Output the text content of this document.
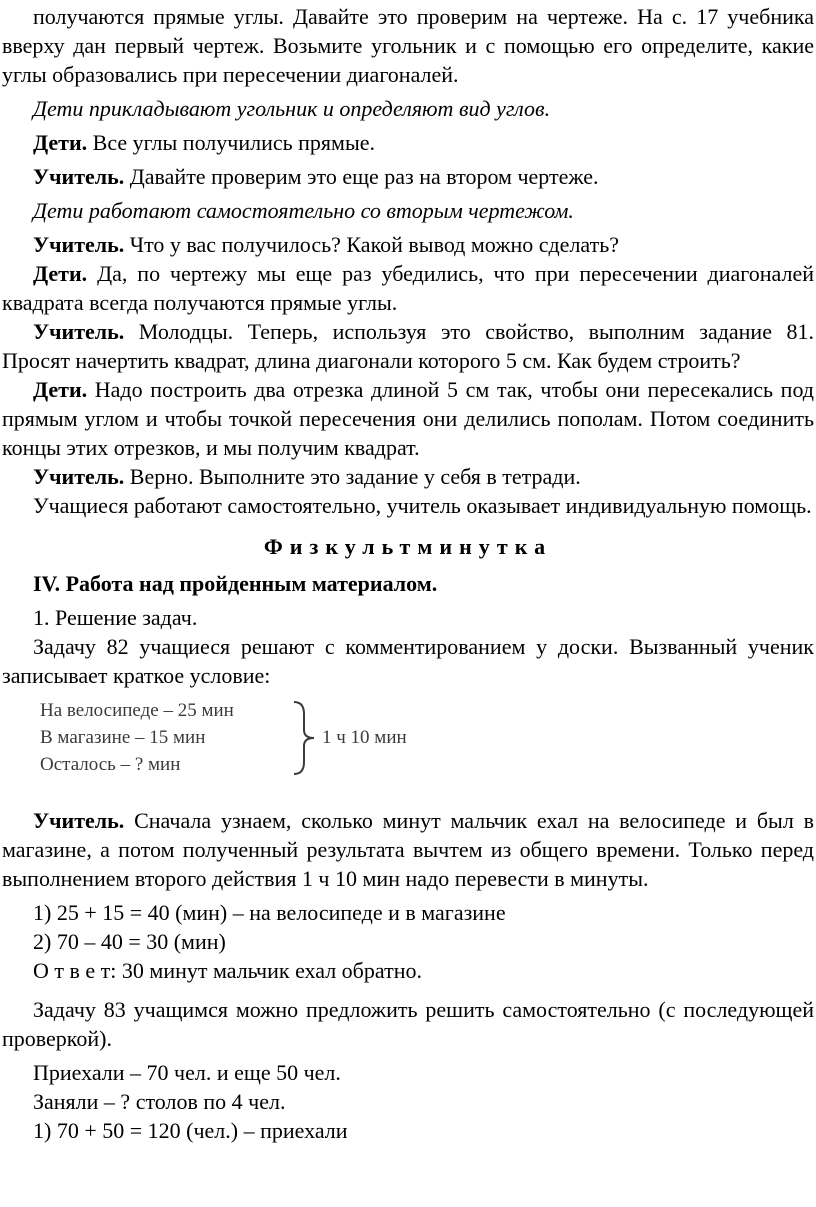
получаются прямые углы. Давайте это проверим на чертеже. На с. 17 учебника вверху дан первый чертеж. Возьмите угольник и с помощью его определите, какие углы образовались при пересечении диагоналей.

Дети прикладывают угольник и определяют вид углов.

Дети. Все углы получились прямые.

Учитель. Давайте проверим это еще раз на втором чертеже.

Дети работают самостоятельно со вторым чертежом.

Учитель. Что у вас получилось? Какой вывод можно сделать?

Дети. Да, по чертежу мы еще раз убедились, что при пересечении диагоналей квадрата всегда получаются прямые углы.

Учитель. Молодцы. Теперь, используя это свойство, выполним задание 81. Просят начертить квадрат, длина диагонали которого 5 см. Как будем строить?

Дети. Надо построить два отрезка длиной 5 см так, чтобы они пересекались под прямым углом и чтобы точкой пересечения они делились пополам. Потом соединить концы этих отрезков, и мы получим квадрат.

Учитель. Верно. Выполните это задание у себя в тетради.

Учащиеся работают самостоятельно, учитель оказывает индивидуальную помощь.

Физкультминутка

IV. Работа над пройденным материалом.

1. Решение задач.

Задачу 82 учащиеся решают с комментированием у доски. Вызванный ученик записывает краткое условие:

На велосипеде – 25 мин
В магазине – 15 мин
Осталось – ? мин
1 ч 10 мин

Учитель. Сначала узнаем, сколько минут мальчик ехал на велосипеде и был в магазине, а потом полученный результата вычтем из общего времени. Только перед выполнением второго действия 1 ч 10 мин надо перевести в минуты.

1) 25 + 15 = 40 (мин) – на велосипеде и в магазине

2) 70 – 40 = 30 (мин)

О т в е т: 30 минут мальчик ехал обратно.

Задачу 83 учащимся можно предложить решить самостоятельно (с последующей проверкой).

Приехали – 70 чел. и еще 50 чел.

Заняли – ? столов по 4 чел.

1) 70 + 50 = 120 (чел.) – приехали
